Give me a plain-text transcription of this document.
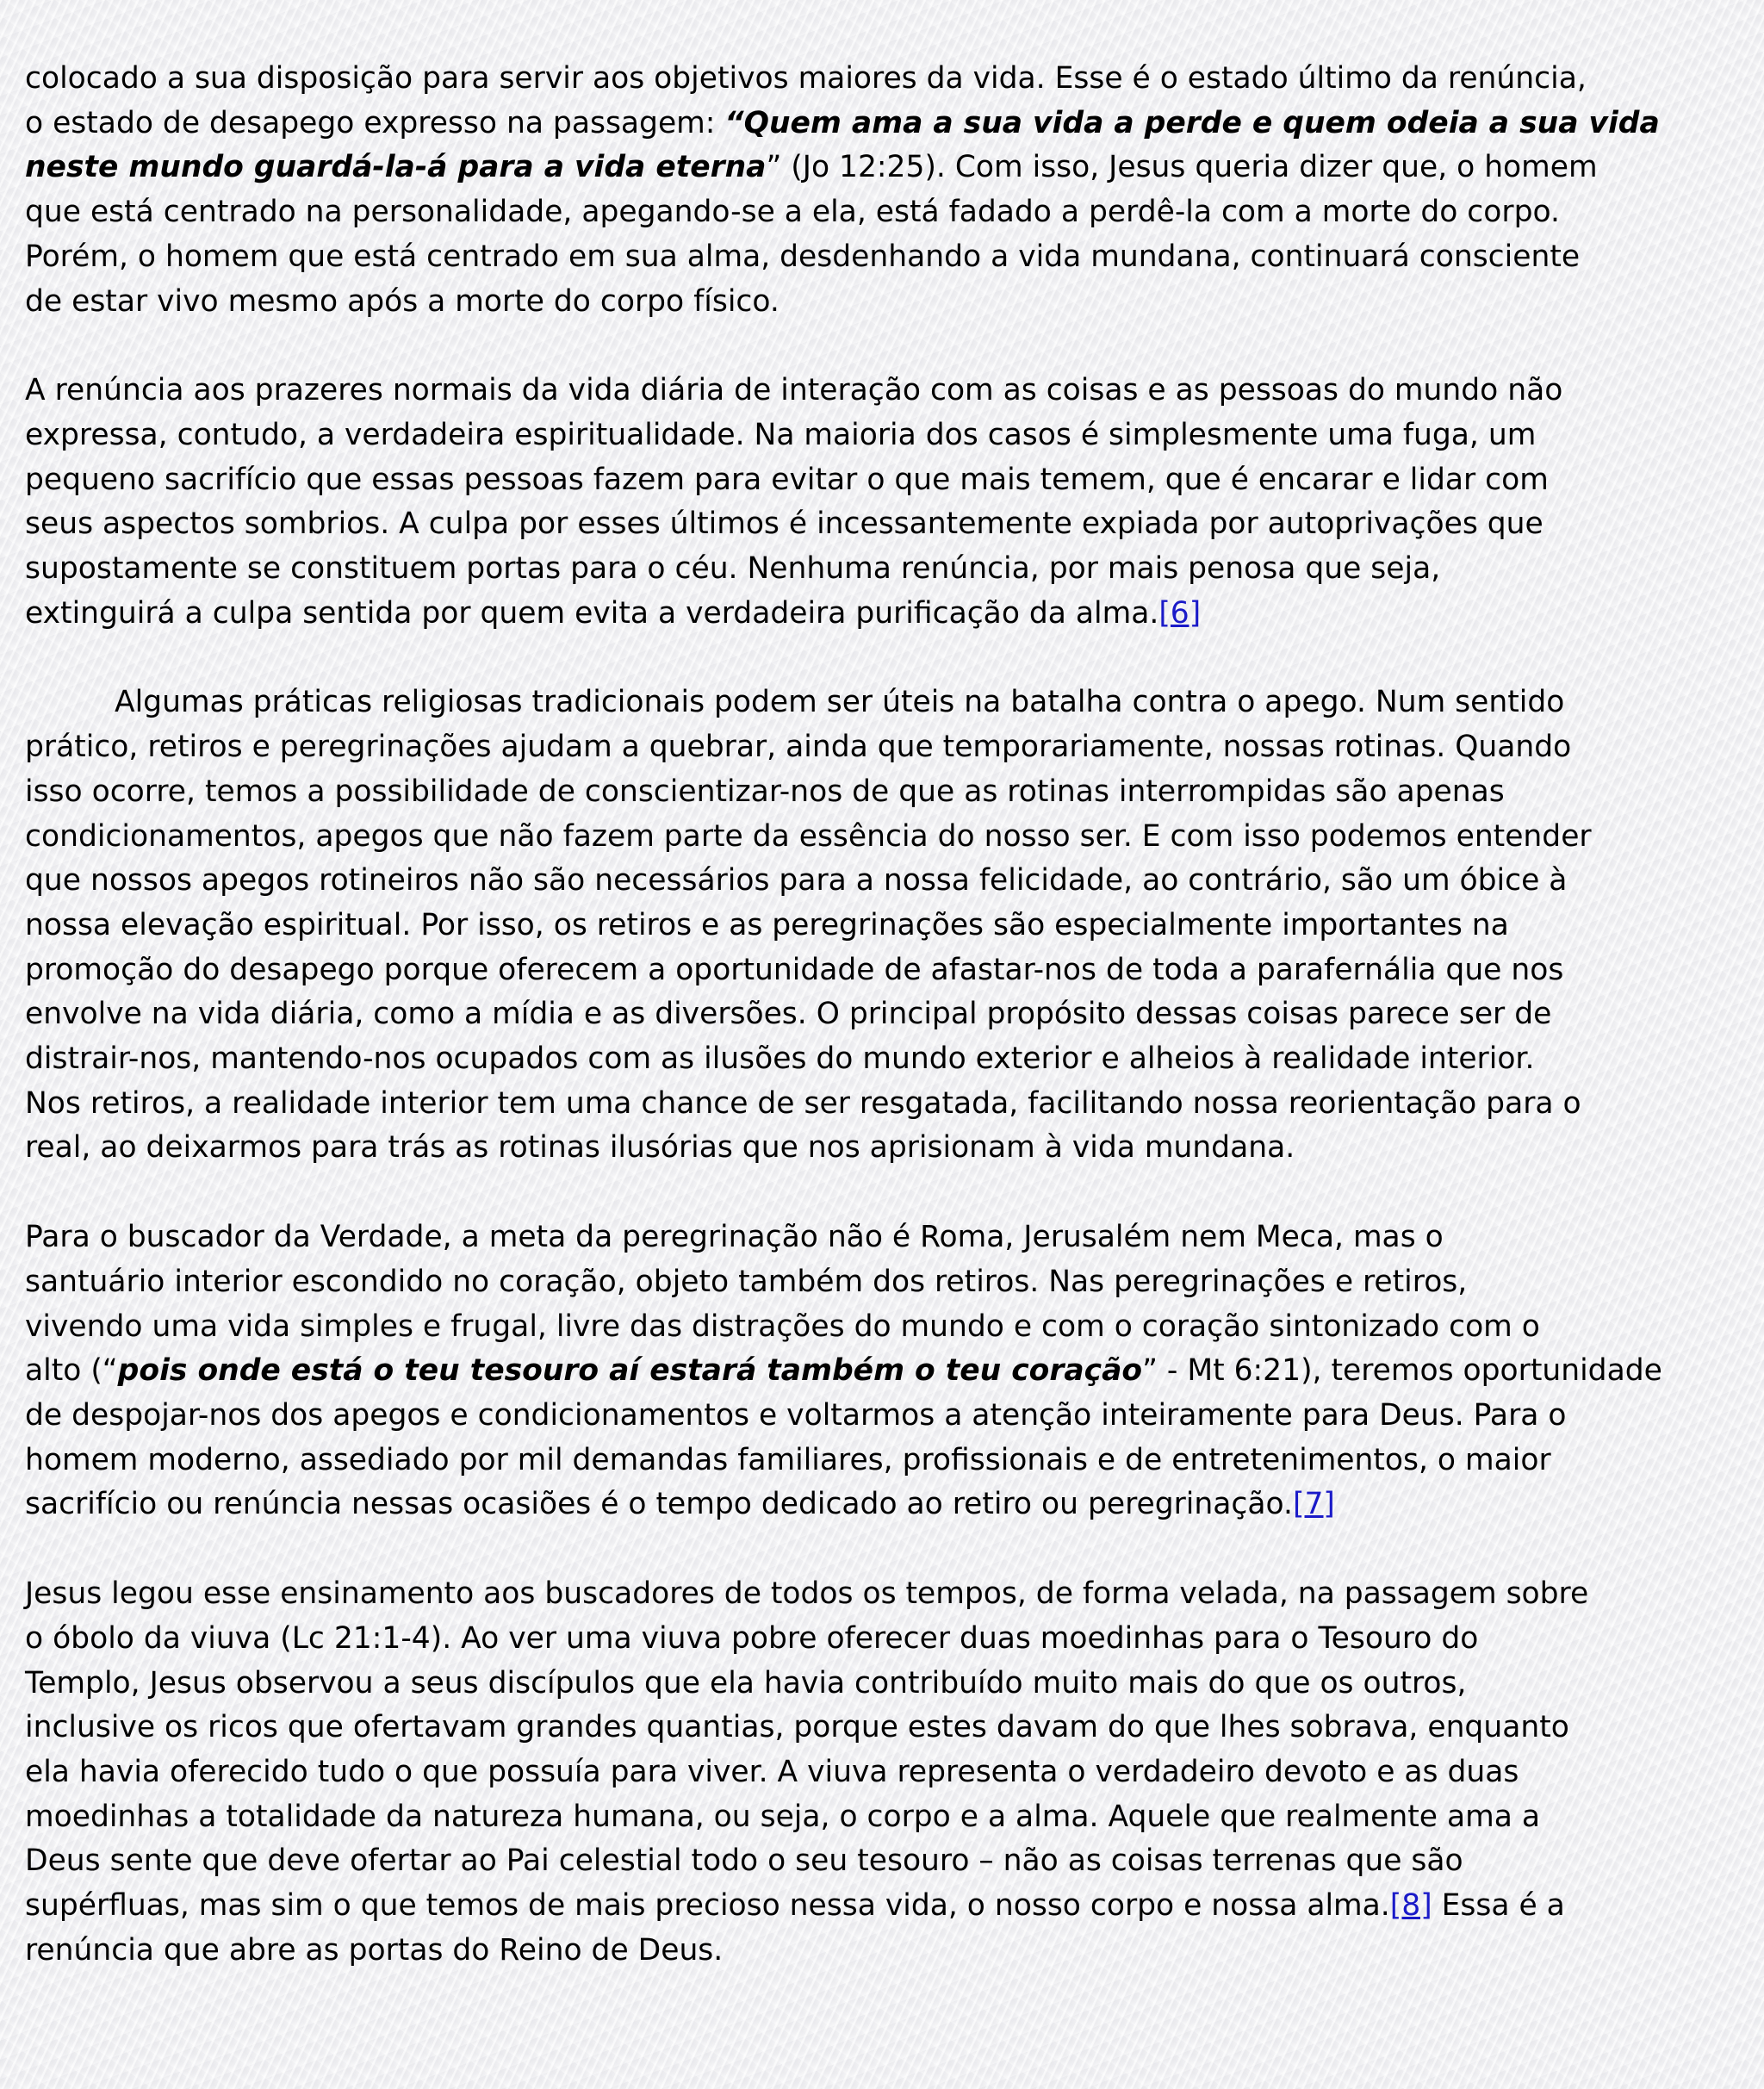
colocado a sua disposição para servir aos objetivos maiores da vida. Esse é o estado último da renúncia,
o estado de desapego expresso na passagem: “Quem ama a sua vida a perde e quem odeia a sua vida
neste mundo guardá-la-á para a vida eterna” (Jo 12:25). Com isso, Jesus queria dizer que, o homem
que está centrado na personalidade, apegando-se a ela, está fadado a perdê-la com a morte do corpo.
Porém, o homem que está centrado em sua alma, desdenhando a vida mundana, continuará consciente
de estar vivo mesmo após a morte do corpo físico.

A renúncia aos prazeres normais da vida diária de interação com as coisas e as pessoas do mundo não
expressa, contudo, a verdadeira espiritualidade. Na maioria dos casos é simplesmente uma fuga, um
pequeno sacrifício que essas pessoas fazem para evitar o que mais temem, que é encarar e lidar com
seus aspectos sombrios. A culpa por esses últimos é incessantemente expiada por autoprivações que
supostamente se constituem portas para o céu. Nenhuma renúncia, por mais penosa que seja,
extinguirá a culpa sentida por quem evita a verdadeira purificação da alma.[6]

Algumas práticas religiosas tradicionais podem ser úteis na batalha contra o apego. Num sentido
prático, retiros e peregrinações ajudam a quebrar, ainda que temporariamente, nossas rotinas. Quando
isso ocorre, temos a possibilidade de conscientizar-nos de que as rotinas interrompidas são apenas
condicionamentos, apegos que não fazem parte da essência do nosso ser. E com isso podemos entender
que nossos apegos rotineiros não são necessários para a nossa felicidade, ao contrário, são um óbice à
nossa elevação espiritual. Por isso, os retiros e as peregrinações são especialmente importantes na
promoção do desapego porque oferecem a oportunidade de afastar-nos de toda a parafernália que nos
envolve na vida diária, como a mídia e as diversões. O principal propósito dessas coisas parece ser de
distrair-nos, mantendo-nos ocupados com as ilusões do mundo exterior e alheios à realidade interior.
Nos retiros, a realidade interior tem uma chance de ser resgatada, facilitando nossa reorientação para o
real, ao deixarmos para trás as rotinas ilusórias que nos aprisionam à vida mundana.

Para o buscador da Verdade, a meta da peregrinação não é Roma, Jerusalém nem Meca, mas o
santuário interior escondido no coração, objeto também dos retiros. Nas peregrinações e retiros,
vivendo uma vida simples e frugal, livre das distrações do mundo e com o coração sintonizado com o
alto (“pois onde está o teu tesouro aí estará também o teu coração” - Mt 6:21), teremos oportunidade
de despojar-nos dos apegos e condicionamentos e voltarmos a atenção inteiramente para Deus. Para o
homem moderno, assediado por mil demandas familiares, profissionais e de entretenimentos, o maior
sacrifício ou renúncia nessas ocasiões é o tempo dedicado ao retiro ou peregrinação.[7]

Jesus legou esse ensinamento aos buscadores de todos os tempos, de forma velada, na passagem sobre
o óbolo da viuva (Lc 21:1-4). Ao ver uma viuva pobre oferecer duas moedinhas para o Tesouro do
Templo, Jesus observou a seus discípulos que ela havia contribuído muito mais do que os outros,
inclusive os ricos que ofertavam grandes quantias, porque estes davam do que lhes sobrava, enquanto
ela havia oferecido tudo o que possuía para viver. A viuva representa o verdadeiro devoto e as duas
moedinhas a totalidade da natureza humana, ou seja, o corpo e a alma. Aquele que realmente ama a
Deus sente que deve ofertar ao Pai celestial todo o seu tesouro – não as coisas terrenas que são
supérfluas, mas sim o que temos de mais precioso nessa vida, o nosso corpo e nossa alma.[8] Essa é a
renúncia que abre as portas do Reino de Deus.
